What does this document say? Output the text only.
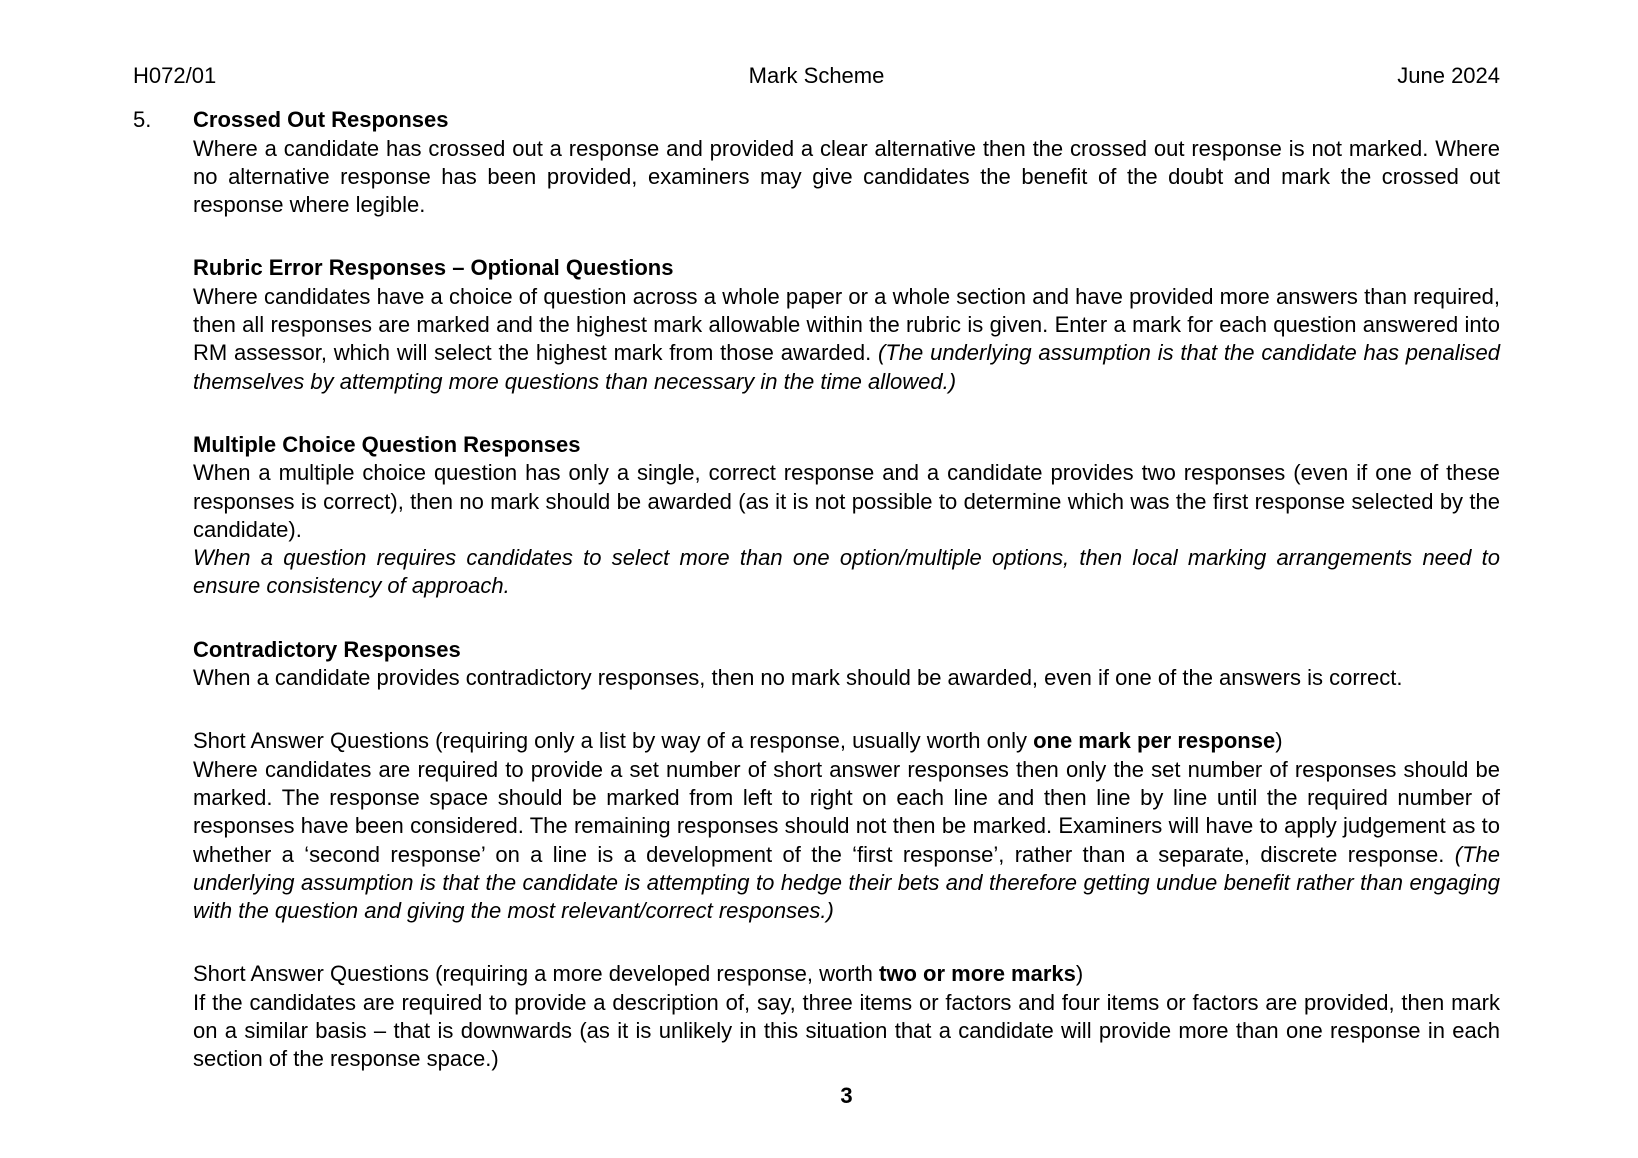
H072/01	Mark Scheme	June 2024
5.	Crossed Out Responses
Where a candidate has crossed out a response and provided a clear alternative then the crossed out response is not marked. Where no alternative response has been provided, examiners may give candidates the benefit of the doubt and mark the crossed out response where legible.
Rubric Error Responses – Optional Questions
Where candidates have a choice of question across a whole paper or a whole section and have provided more answers than required, then all responses are marked and the highest mark allowable within the rubric is given. Enter a mark for each question answered into RM assessor, which will select the highest mark from those awarded. (The underlying assumption is that the candidate has penalised themselves by attempting more questions than necessary in the time allowed.)
Multiple Choice Question Responses
When a multiple choice question has only a single, correct response and a candidate provides two responses (even if one of these responses is correct), then no mark should be awarded (as it is not possible to determine which was the first response selected by the candidate).
When a question requires candidates to select more than one option/multiple options, then local marking arrangements need to ensure consistency of approach.
Contradictory Responses
When a candidate provides contradictory responses, then no mark should be awarded, even if one of the answers is correct.
Short Answer Questions (requiring only a list by way of a response, usually worth only one mark per response)
Where candidates are required to provide a set number of short answer responses then only the set number of responses should be marked. The response space should be marked from left to right on each line and then line by line until the required number of responses have been considered. The remaining responses should not then be marked. Examiners will have to apply judgement as to whether a ‘second response’ on a line is a development of the ‘first response’, rather than a separate, discrete response. (The underlying assumption is that the candidate is attempting to hedge their bets and therefore getting undue benefit rather than engaging with the question and giving the most relevant/correct responses.)
Short Answer Questions (requiring a more developed response, worth two or more marks)
If the candidates are required to provide a description of, say, three items or factors and four items or factors are provided, then mark on a similar basis – that is downwards (as it is unlikely in this situation that a candidate will provide more than one response in each section of the response space.)
3
